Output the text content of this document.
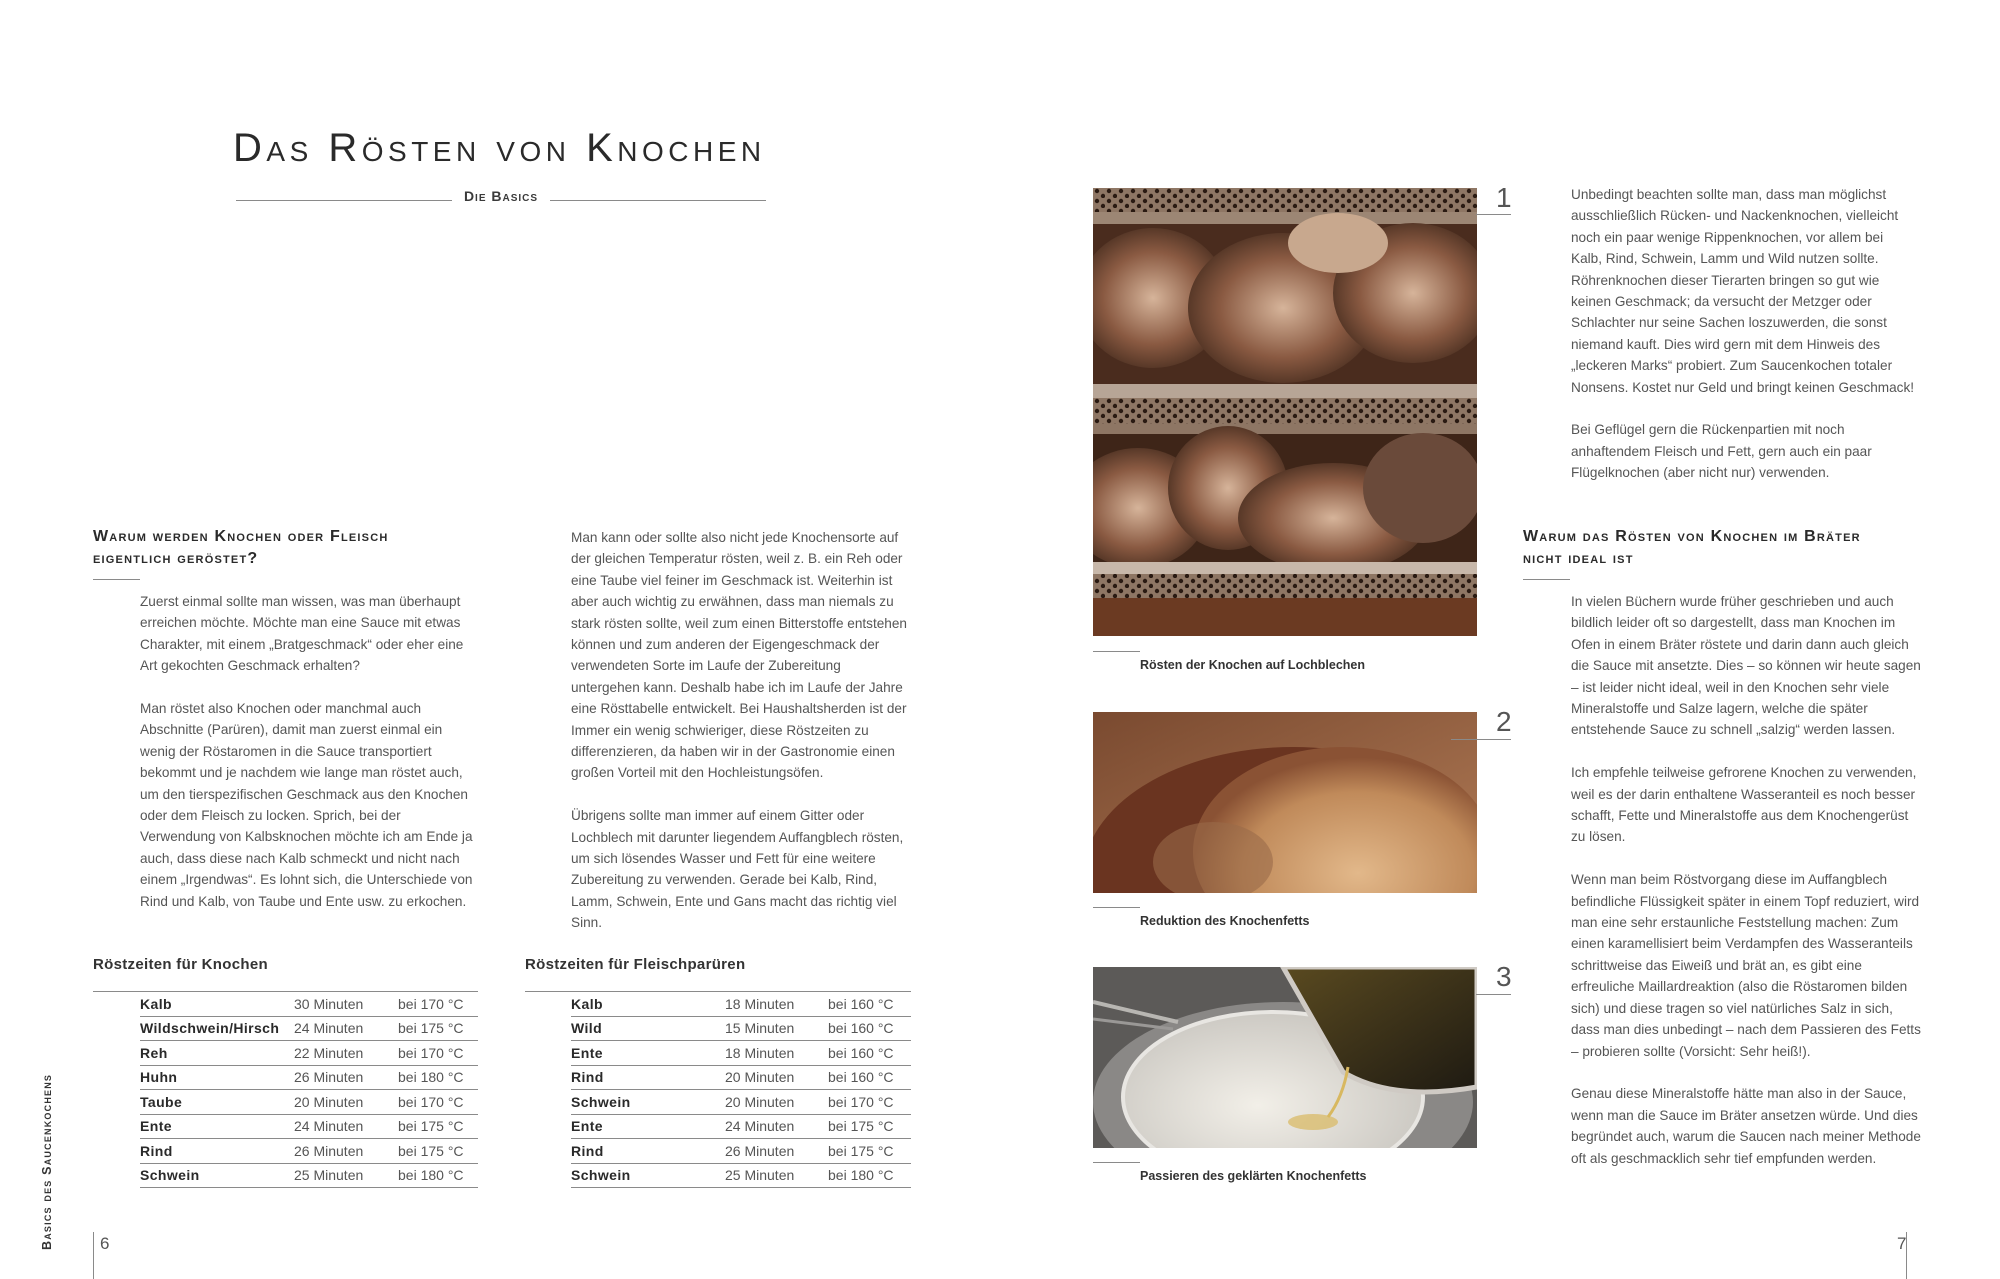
Das Rösten von Knochen
Die Basics
Warum werden Knochen oder Fleisch
eigentlich geröstet?

Zuerst einmal sollte man wissen, was man überhaupt erreichen möchte. Möchte man eine Sauce mit etwas Charakter, mit einem „Bratgeschmack“ oder eher eine Art gekochten Geschmack erhalten?

Man röstet also Knochen oder manchmal auch Abschnitte (Parüren), damit man zuerst einmal ein wenig der Röstaromen in die Sauce transportiert bekommt und je nachdem wie lange man röstet auch, um den tierspezifischen Geschmack aus den Knochen oder dem Fleisch zu locken. Sprich, bei der Verwendung von Kalbsknochen möchte ich am Ende ja auch, dass diese nach Kalb schmeckt und nicht nach einem „Irgendwas“. Es lohnt sich, die Unterschiede von Rind und Kalb, von Taube und Ente usw. zu erkochen.

Man kann oder sollte also nicht jede Knochensorte auf der gleichen Temperatur rösten, weil z. B. ein Reh oder eine Taube viel feiner im Geschmack ist. Weiterhin ist aber auch wichtig zu erwähnen, dass man niemals zu stark rösten sollte, weil zum einen Bitterstoffe entstehen können und zum anderen der Eigengeschmack der verwendeten Sorte im Laufe der Zubereitung untergehen kann. Deshalb habe ich im Laufe der Jahre eine Rösttabelle entwickelt. Bei Haushaltsherden ist der Immer ein wenig schwieriger, diese Röstzeiten zu differenzieren, da haben wir in der Gastronomie einen großen Vorteil mit den Hochleistungsöfen.

Übrigens sollte man immer auf einem Gitter oder Lochblech mit darunter liegendem Auffangblech rösten, um sich lösendes Wasser und Fett für eine weitere Zubereitung zu verwenden. Gerade bei Kalb, Rind, Lamm, Schwein, Ente und Gans macht das richtig viel Sinn.

Röstzeiten für Knochen
Kalb	30 Minuten	bei 170 °C
Wildschwein/Hirsch	24 Minuten	bei 175 °C
Reh	22 Minuten	bei 170 °C
Huhn	26 Minuten	bei 180 °C
Taube	20 Minuten	bei 170 °C
Ente	24 Minuten	bei 175 °C
Rind	26 Minuten	bei 175 °C
Schwein	25 Minuten	bei 180 °C
Röstzeiten für Fleischparüren
Kalb	18 Minuten	bei 160 °C
Wild	15 Minuten	bei 160 °C
Ente	18 Minuten	bei 160 °C
Rind	20 Minuten	bei 160 °C
Schwein	20 Minuten	bei 170 °C
Ente	24 Minuten	bei 175 °C
Rind	26 Minuten	bei 175 °C
Schwein	25 Minuten	bei 180 °C
Basics des Saucenkochens	6
1
Rösten der Knochen auf Lochblechen
2
Reduktion des Knochenfetts
3
Passieren des geklärten Knochenfetts

Unbedingt beachten sollte man, dass man möglichst ausschließlich Rücken- und Nackenknochen, vielleicht noch ein paar wenige Rippenknochen, vor allem bei Kalb, Rind, Schwein, Lamm und Wild nutzen sollte. Röhrenknochen dieser Tierarten bringen so gut wie keinen Geschmack; da versucht der Metzger oder Schlachter nur seine Sachen loszuwerden, die sonst niemand kauft. Dies wird gern mit dem Hinweis des „leckeren Marks“ probiert. Zum Saucenkochen totaler Nonsens. Kostet nur Geld und bringt keinen Geschmack!

Bei Geflügel gern die Rückenpartien mit noch anhaftendem Fleisch und Fett, gern auch ein paar Flügelknochen (aber nicht nur) verwenden.

Warum das Rösten von Knochen im Bräter
nicht ideal ist

In vielen Büchern wurde früher geschrieben und auch bildlich leider oft so dargestellt, dass man Knochen im Ofen in einem Bräter röstete und darin dann auch gleich die Sauce mit ansetzte. Dies – so können wir heute sagen – ist leider nicht ideal, weil in den Knochen sehr viele Mineralstoffe und Salze lagern, welche die später entstehende Sauce zu schnell „salzig“ werden lassen.

Ich empfehle teilweise gefrorene Knochen zu verwenden, weil es der darin enthaltene Wasseranteil es noch besser schafft, Fette und Mineralstoffe aus dem Knochengerüst zu lösen.

Wenn man beim Röstvorgang diese im Auffangblech befindliche Flüssigkeit später in einem Topf reduziert, wird man eine sehr erstaunliche Feststellung machen: Zum einen karamellisiert beim Verdampfen des Wasseranteils schrittweise das Eiweiß und brät an, es gibt eine erfreuliche Maillardreaktion (also die Röstaromen bilden sich) und diese tragen so viel natürliches Salz in sich, dass man dies unbedingt – nach dem Passieren des Fetts – probieren sollte (Vorsicht: Sehr heiß!).

Genau diese Mineralstoffe hätte man also in der Sauce, wenn man die Sauce im Bräter ansetzen würde. Und dies begründet auch, warum die Saucen nach meiner Methode oft als geschmacklich sehr tief empfunden werden.

7
